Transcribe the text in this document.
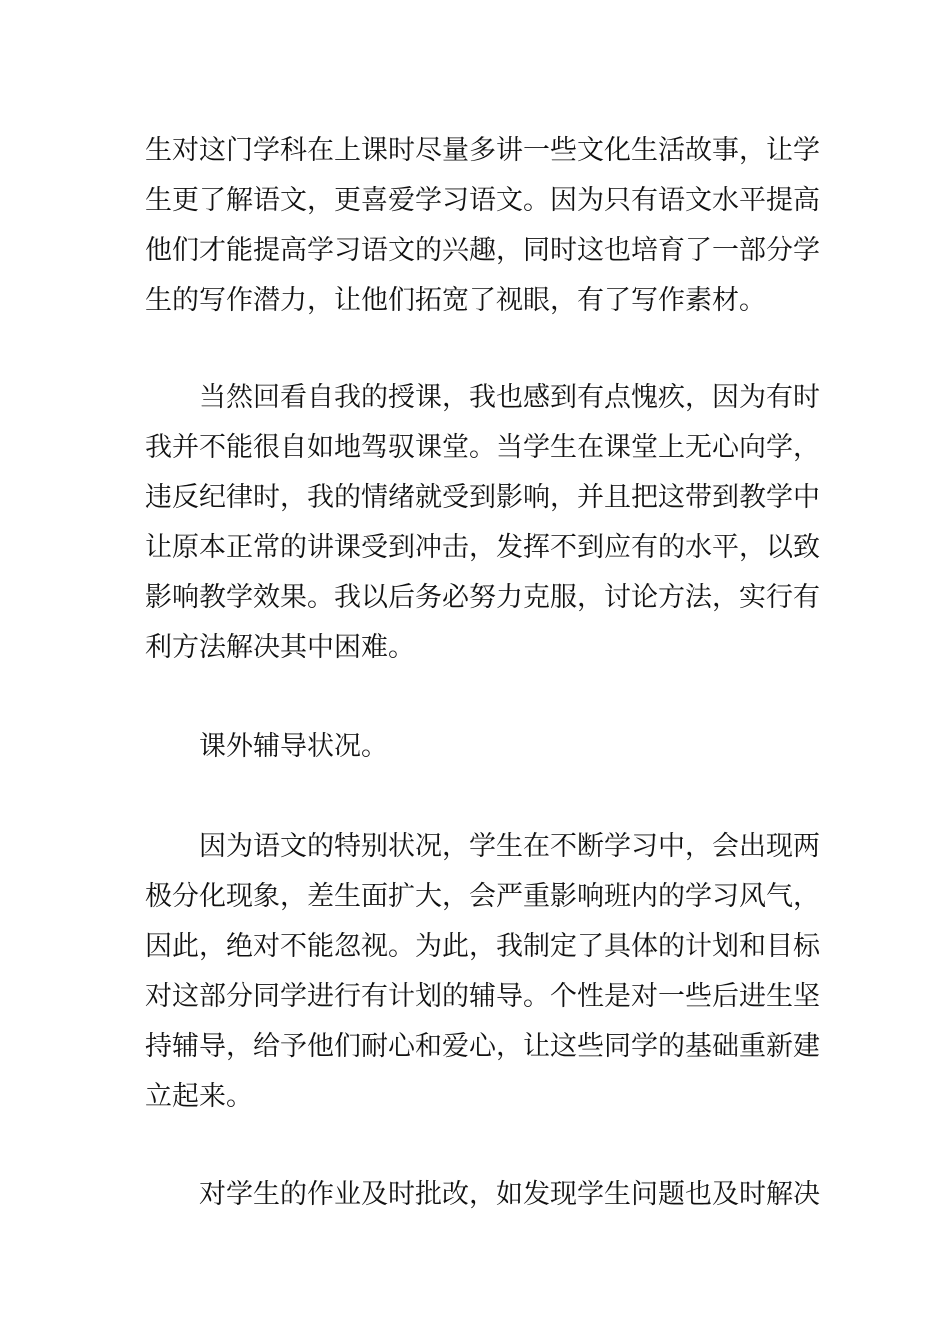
生对这门学科在上课时尽量多讲一些文化生活故事，让学
生更了解语文，更喜爱学习语文。因为只有语文水平提高
他们才能提高学习语文的兴趣，同时这也培育了一部分学
生的写作潜力，让他们拓宽了视眼，有了写作素材。
当然回看自我的授课，我也感到有点愧疚，因为有时
我并不能很自如地驾驭课堂。当学生在课堂上无心向学，
违反纪律时，我的情绪就受到影响，并且把这带到教学中
让原本正常的讲课受到冲击，发挥不到应有的水平，以致
影响教学效果。我以后务必努力克服，讨论方法，实行有
利方法解决其中困难。
课外辅导状况。
因为语文的特别状况，学生在不断学习中，会出现两
极分化现象，差生面扩大，会严重影响班内的学习风气，
因此，绝对不能忽视。为此，我制定了具体的计划和目标
对这部分同学进行有计划的辅导。个性是对一些后进生坚
持辅导，给予他们耐心和爱心，让这些同学的基础重新建
立起来。
对学生的作业及时批改，如发现学生问题也及时解决
